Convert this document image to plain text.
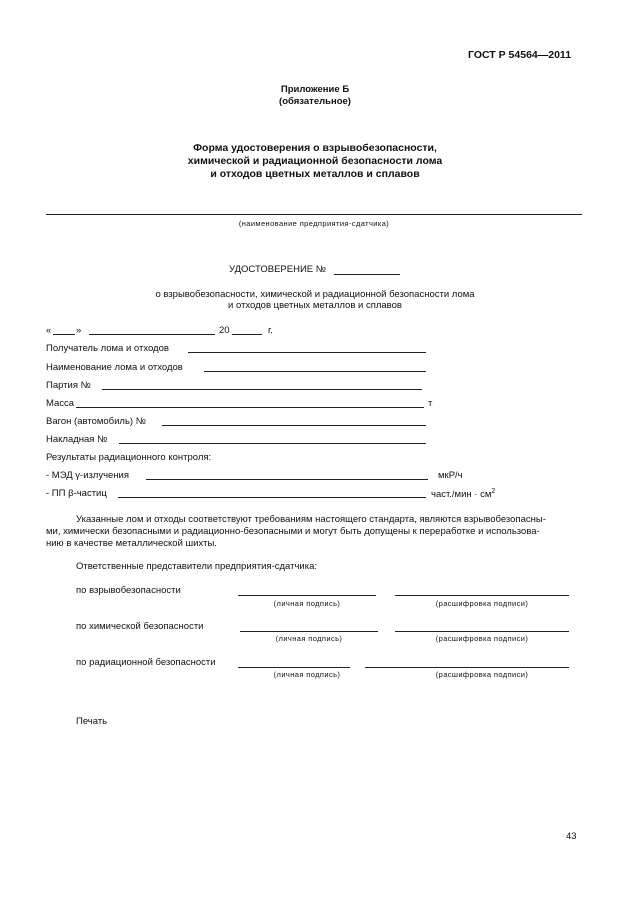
ГОСТ Р 54564—2011
Приложение Б
(обязательное)
Форма удостоверения о взрывобезопасности,
химической и радиационной безопасности лома
и отходов цветных металлов и сплавов
(наименование предприятия-сдатчика)
УДОСТОВЕРЕНИЕ №
о взрывобезопасности, химической и радиационной безопасности лома
и отходов цветных металлов и сплавов
«	»	20	г.
Получатель лома и отходов
Наименование лома и отходов
Партия №
Масса	т
Вагон (автомобиль) №
Накладная №
Результаты радиационного контроля:
- МЭД γ-излучения	мкР/ч
- ПП β-частиц	част./мин · $см^2$
Указанные лом и отходы соответствуют требованиям настоящего стандарта, являются взрывобезопасны-
ми, химически безопасными и радиационно-безопасными и могут быть допущены к переработке и использова-
нию в качестве металлической шихты.
Ответственные представители предприятия-сдатчика:
по взрывобезопасности
(личная подпись)	(расшифровка подписи)
по химической безопасности
(личная подпись)	(расшифровка подписи)
по радиационной безопасности
(личная подпись)	(расшифровка подписи)
Печать
43
